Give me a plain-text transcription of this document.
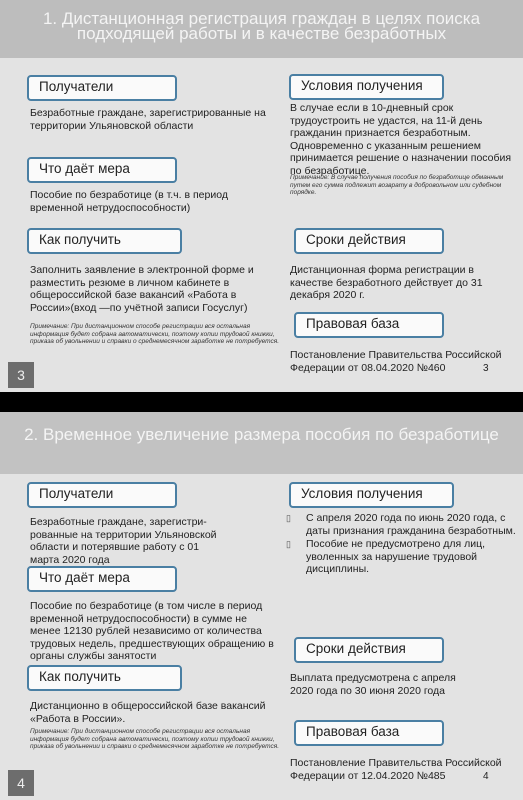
1. Дистанционная регистрация граждан в целях поиска подходящей работы и в качестве безработных
Получатели
Безработные граждане, зарегистрированные на территории Ульяновской области
Условия получения
В случае если в 10-дневный срок трудоустроить не удастся, на 11-й день гражданин признается безработным. Одновременно с указанным решением принимается решение о назначении пособия по безработице.
Примечание: В случае получения пособия по безработице обманным путем его сумма подлежит возврату в добровольном или судебном порядке.
Что даёт мера
Пособие по безработице (в т.ч. в период временной нетрудоспособности)
Как получить
Заполнить заявление в электронной форме и разместить резюме в личном кабинете в общероссийской базе вакансий «Работа в России»(вход —по учётной записи Госуслуг)
Примечание: При дистанционном способе регистрации вся остальная информация будет собрана автоматически, поэтому копии трудовой книжки, приказа об увольнении и справки о среднемесячном заработке не потребуется.
Сроки действия
Дистанционная форма регистрации в качестве безработного действует до 31 декабря 2020 г.
Правовая база
Постановление Правительства Российской Федерации от 08.04.2020 №460	3
3
2. Временное увеличение размера пособия по безработице
Получатели
Безработные граждане, зарегистри-рованные на территории Ульяновской области и потерявшие работу с 01 марта 2020 года
Условия получения
▯ С апреля 2020 года по июнь 2020 года, с даты признания гражданина безработным.
▯ Пособие не предусмотрено для лиц, уволенных за нарушение трудовой дисциплины.
Что даёт мера
Пособие по безработице (в том числе в период временной нетрудоспособности) в сумме не менее 12130 рублей независимо от количества трудовых недель, предшествующих обращению в органы службы занятости
Как получить
Дистанционно в общероссийской базе вакансий «Работа в России».
Примечание: При дистанционном способе регистрации вся остальная информация будет собрана автоматически, поэтому копии трудовой книжки, приказа об увольнении и справки о среднемесячном заработке не потребуется.
Сроки действия
Выплата предусмотрена с апреля 2020 года по 30 июня 2020 года
Правовая база
Постановление Правительства Российской Федерации от 12.04.2020 №485	4
4
